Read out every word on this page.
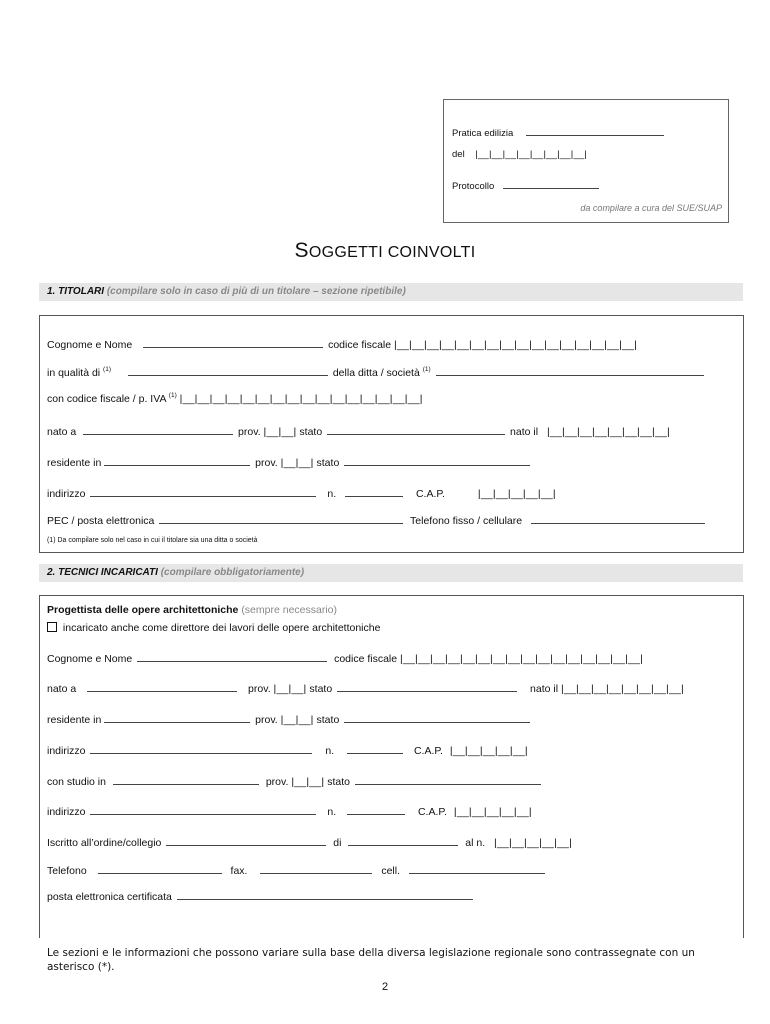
Pratica edilizia
del |__|__|__|__|__|__|__|__|
Protocollo
da compilare a cura del SUE/SUAP
SOGGETTI COINVOLTI
1. TITOLARI (compilare solo in caso di più di un titolare – sezione ripetibile)
Cognome e Nome	codice fiscale |__|__|__|__|__|__|__|__|__|__|__|__|__|__|__|__|
in qualità di $^{(1)}$	della ditta / società $^{(1)}$
con codice fiscale / p. IVA $^{(1)}$ |__|__|__|__|__|__|__|__|__|__|__|__|__|__|__|__|
nato a	prov. |__|__| stato	nato il |__|__|__|__|__|__|__|__|
residente in	prov. |__|__| stato
indirizzo	n.	C.A.P.	|__|__|__|__|__|
PEC / posta elettronica	Telefono fisso / cellulare
(1) Da compilare solo nel caso in cui il titolare sia una ditta o società
2. TECNICI INCARICATI (compilare obbligatoriamente)
Progettista delle opere architettoniche (sempre necessario)
incaricato anche come direttore dei lavori delle opere architettoniche
Cognome e Nome	codice fiscale |__|__|__|__|__|__|__|__|__|__|__|__|__|__|__|__|
nato a	prov. |__|__| stato	nato il |__|__|__|__|__|__|__|__|
residente in	prov. |__|__| stato
indirizzo	n.	C.A.P. |__|__|__|__|__|
con studio in	prov. |__|__| stato
indirizzo	n.	C.A.P. |__|__|__|__|__|
Iscritto all’ordine/collegio	di	al n. |__|__|__|__|__|
Telefono	fax.	cell.
posta elettronica certificata
Le sezioni e le informazioni che possono variare sulla base della diversa legislazione regionale sono contrassegnate con un asterisco (*).
2
